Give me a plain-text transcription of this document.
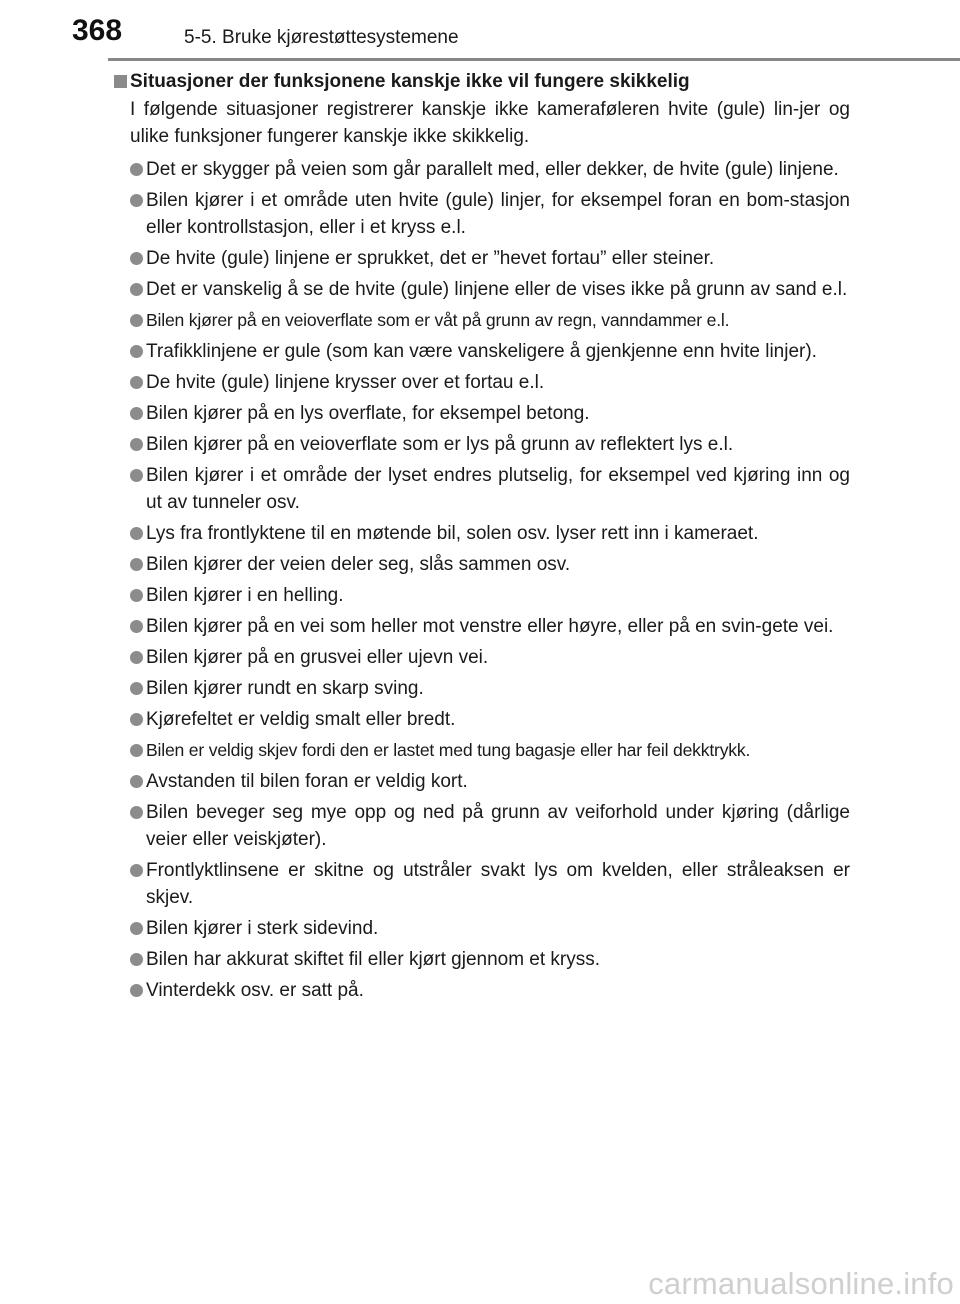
368	5-5. Bruke kjørestøttesystemene
Situasjoner der funksjonene kanskje ikke vil fungere skikkelig

I følgende situasjoner registrerer kanskje ikke kameraføleren hvite (gule) lin-jer og ulike funksjoner fungerer kanskje ikke skikkelig.

Det er skygger på veien som går parallelt med, eller dekker, de hvite (gule) linjene.
Bilen kjører i et område uten hvite (gule) linjer, for eksempel foran en bom-stasjon eller kontrollstasjon, eller i et kryss e.l.
De hvite (gule) linjene er sprukket, det er ”hevet fortau” eller steiner.
Det er vanskelig å se de hvite (gule) linjene eller de vises ikke på grunn av sand e.l.
Bilen kjører på en veioverflate som er våt på grunn av regn, vanndammer e.l.
Trafikklinjene er gule (som kan være vanskeligere å gjenkjenne enn hvite linjer).
De hvite (gule) linjene krysser over et fortau e.l.
Bilen kjører på en lys overflate, for eksempel betong.
Bilen kjører på en veioverflate som er lys på grunn av reflektert lys e.l.
Bilen kjører i et område der lyset endres plutselig, for eksempel ved kjøring inn og ut av tunneler osv.
Lys fra frontlyktene til en møtende bil, solen osv. lyser rett inn i kameraet.
Bilen kjører der veien deler seg, slås sammen osv.
Bilen kjører i en helling.
Bilen kjører på en vei som heller mot venstre eller høyre, eller på en svin-gete vei.
Bilen kjører på en grusvei eller ujevn vei.
Bilen kjører rundt en skarp sving.
Kjørefeltet er veldig smalt eller bredt.
Bilen er veldig skjev fordi den er lastet med tung bagasje eller har feil dekktrykk.
Avstanden til bilen foran er veldig kort.
Bilen beveger seg mye opp og ned på grunn av veiforhold under kjøring (dårlige veier eller veiskjøter).
Frontlyktlinsene er skitne og utstråler svakt lys om kvelden, eller stråleaksen er skjev.
Bilen kjører i sterk sidevind.
Bilen har akkurat skiftet fil eller kjørt gjennom et kryss.
Vinterdekk osv. er satt på.
carmanualsonline.info
